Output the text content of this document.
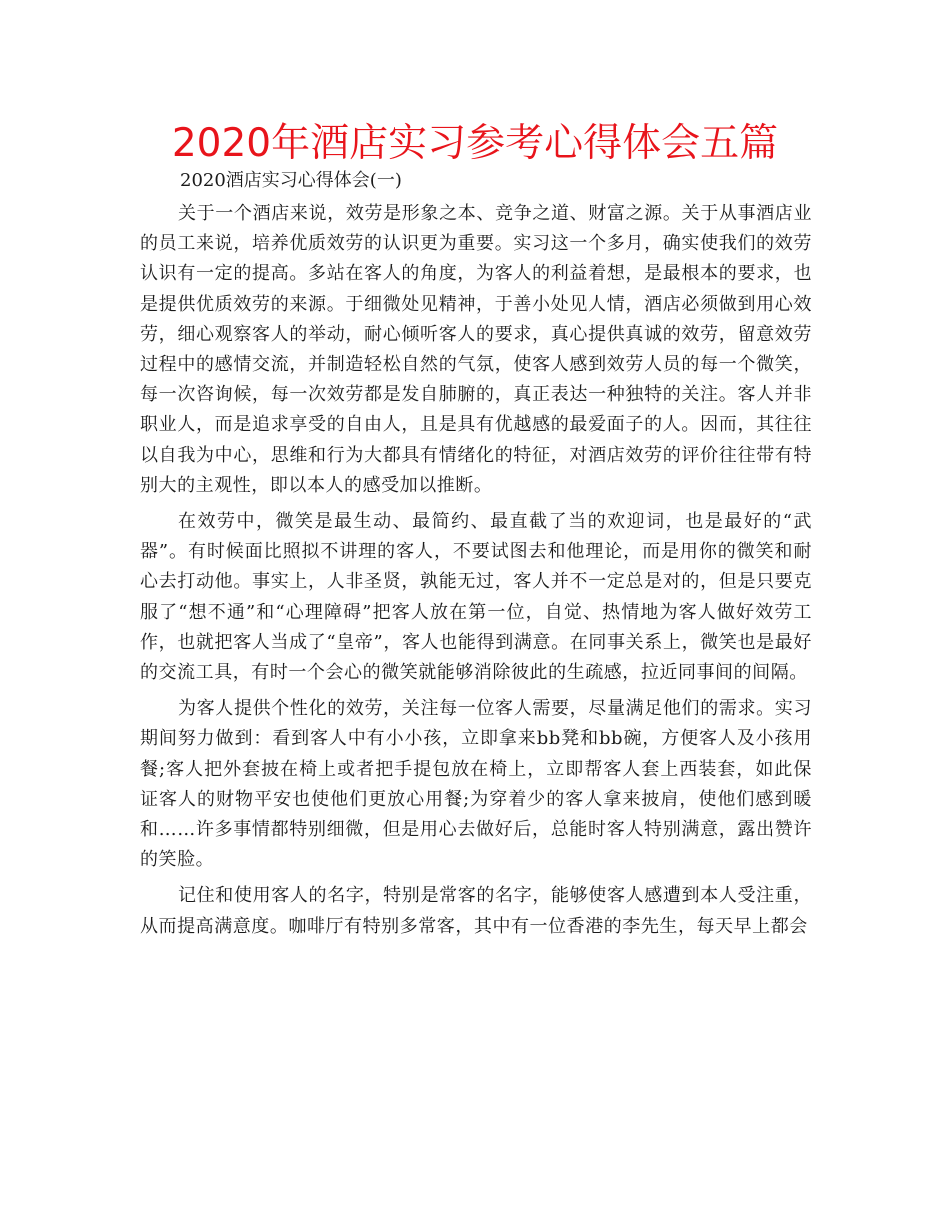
2020年酒店实习参考心得体会五篇

2020酒店实习心得体会(一)

关于一个酒店来说，效劳是形象之本、竞争之道、财富之源。关于从事酒店业的员工来说，培养优质效劳的认识更为重要。实习这一个多月，确实使我们的效劳认识有一定的提高。多站在客人的角度，为客人的利益着想，是最根本的要求，也是提供优质效劳的来源。于细微处见精神，于善小处见人情，酒店必须做到用心效劳，细心观察客人的举动，耐心倾听客人的要求，真心提供真诚的效劳，留意效劳过程中的感情交流，并制造轻松自然的气氛，使客人感到效劳人员的每一个微笑，每一次咨询候，每一次效劳都是发自肺腑的，真正表达一种独特的关注。客人并非职业人，而是追求享受的自由人，且是具有优越感的最爱面子的人。因而，其往往以自我为中心，思维和行为大都具有情绪化的特征，对酒店效劳的评价往往带有特别大的主观性，即以本人的感受加以推断。

在效劳中，微笑是最生动、最简约、最直截了当的欢迎词，也是最好的“武器”。有时候面比照拟不讲理的客人，不要试图去和他理论，而是用你的微笑和耐心去打动他。事实上，人非圣贤，孰能无过，客人并不一定总是对的，但是只要克服了“想不通”和“心理障碍”把客人放在第一位，自觉、热情地为客人做好效劳工作，也就把客人当成了“皇帝”，客人也能得到满意。在同事关系上，微笑也是最好的交流工具，有时一个会心的微笑就能够消除彼此的生疏感，拉近同事间的间隔。

为客人提供个性化的效劳，关注每一位客人需要，尽量满足他们的需求。实习期间努力做到：看到客人中有小小孩，立即拿来bb凳和bb碗，方便客人及小孩用餐;客人把外套披在椅上或者把手提包放在椅上，立即帮客人套上西装套，如此保证客人的财物平安也使他们更放心用餐;为穿着少的客人拿来披肩，使他们感到暖和……许多事情都特别细微，但是用心去做好后，总能时客人特别满意，露出赞许的笑脸。

记住和使用客人的名字，特别是常客的名字，能够使客人感遭到本人受注重，从而提高满意度。咖啡厅有特别多常客，其中有一位香港的李先生，每天早上都会
